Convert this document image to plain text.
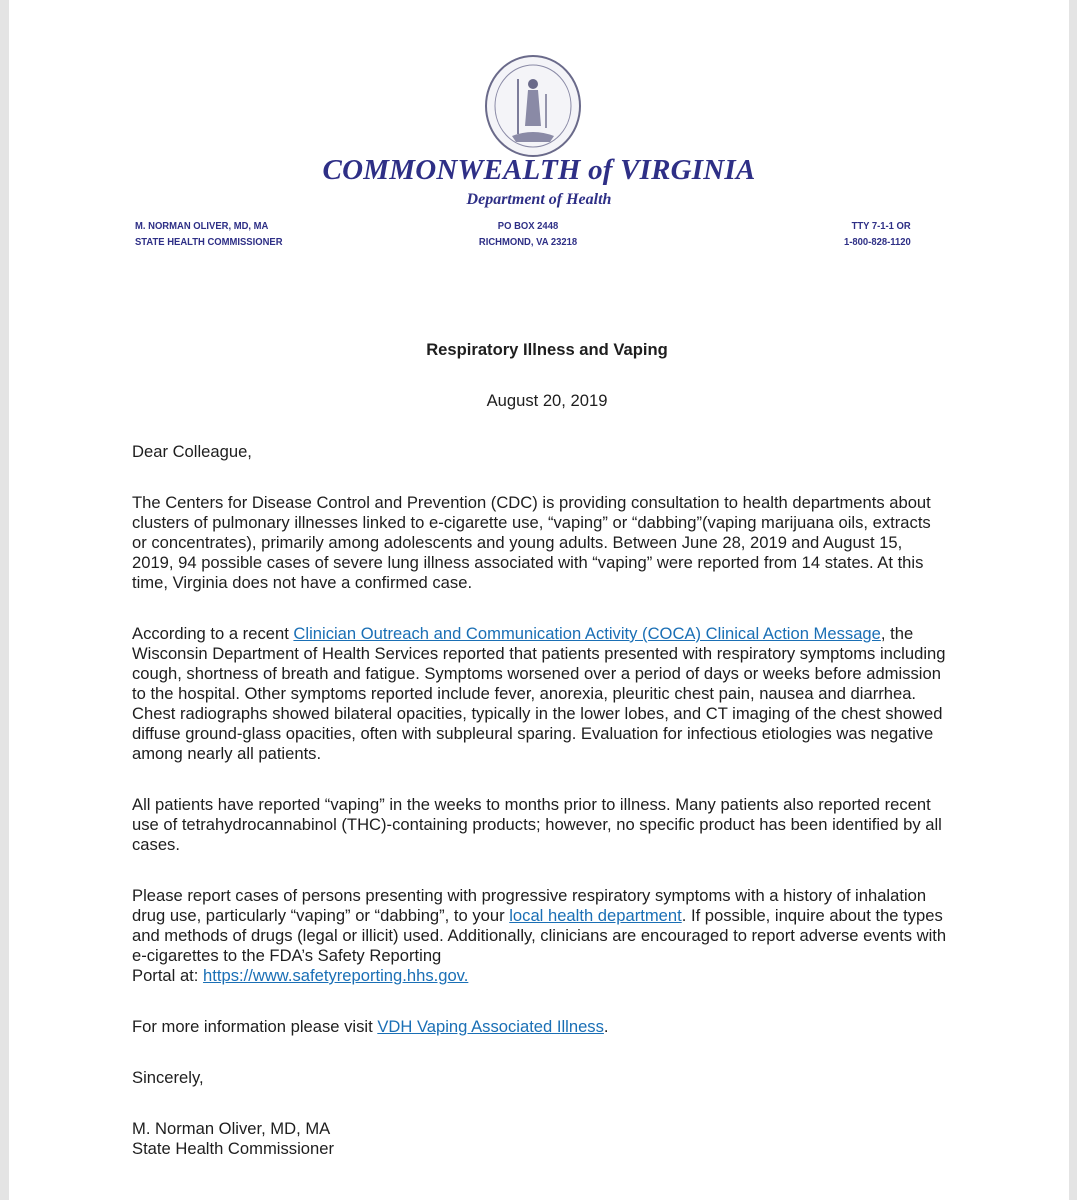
COMMONWEALTH of VIRGINIA
Department of Health
M. NORMAN OLIVER, MD, MA
STATE HEALTH COMMISSIONER
PO BOX 2448
RICHMOND, VA 23218
TTY 7-1-1 OR
1-800-828-1120
Respiratory Illness and Vaping
August 20, 2019

Dear Colleague,

The Centers for Disease Control and Prevention (CDC) is providing consultation to health departments about clusters of pulmonary illnesses linked to e-cigarette use, “vaping” or “dabbing”(vaping marijuana oils, extracts or concentrates), primarily among adolescents and young adults. Between June 28, 2019 and August 15, 2019, 94 possible cases of severe lung illness associated with “vaping” were reported from 14 states. At this time, Virginia does not have a confirmed case.

According to a recent Clinician Outreach and Communication Activity (COCA) Clinical Action Message, the Wisconsin Department of Health Services reported that patients presented with respiratory symptoms including cough, shortness of breath and fatigue. Symptoms worsened over a period of days or weeks before admission to the hospital. Other symptoms reported include fever, anorexia, pleuritic chest pain, nausea and diarrhea. Chest radiographs showed bilateral opacities, typically in the lower lobes, and CT imaging of the chest showed diffuse ground-glass opacities, often with subpleural sparing. Evaluation for infectious etiologies was negative among nearly all patients.

All patients have reported “vaping” in the weeks to months prior to illness. Many patients also reported recent use of tetrahydrocannabinol (THC)-containing products; however, no specific product has been identified by all cases.

Please report cases of persons presenting with progressive respiratory symptoms with a history of inhalation drug use, particularly “vaping” or “dabbing”, to your local health department. If possible, inquire about the types and methods of drugs (legal or illicit) used. Additionally, clinicians are encouraged to report adverse events with e-cigarettes to the FDA’s Safety Reporting
Portal at: https://www.safetyreporting.hhs.gov.

For more information please visit VDH Vaping Associated Illness.

Sincerely,

M. Norman Oliver, MD, MA
State Health Commissioner
